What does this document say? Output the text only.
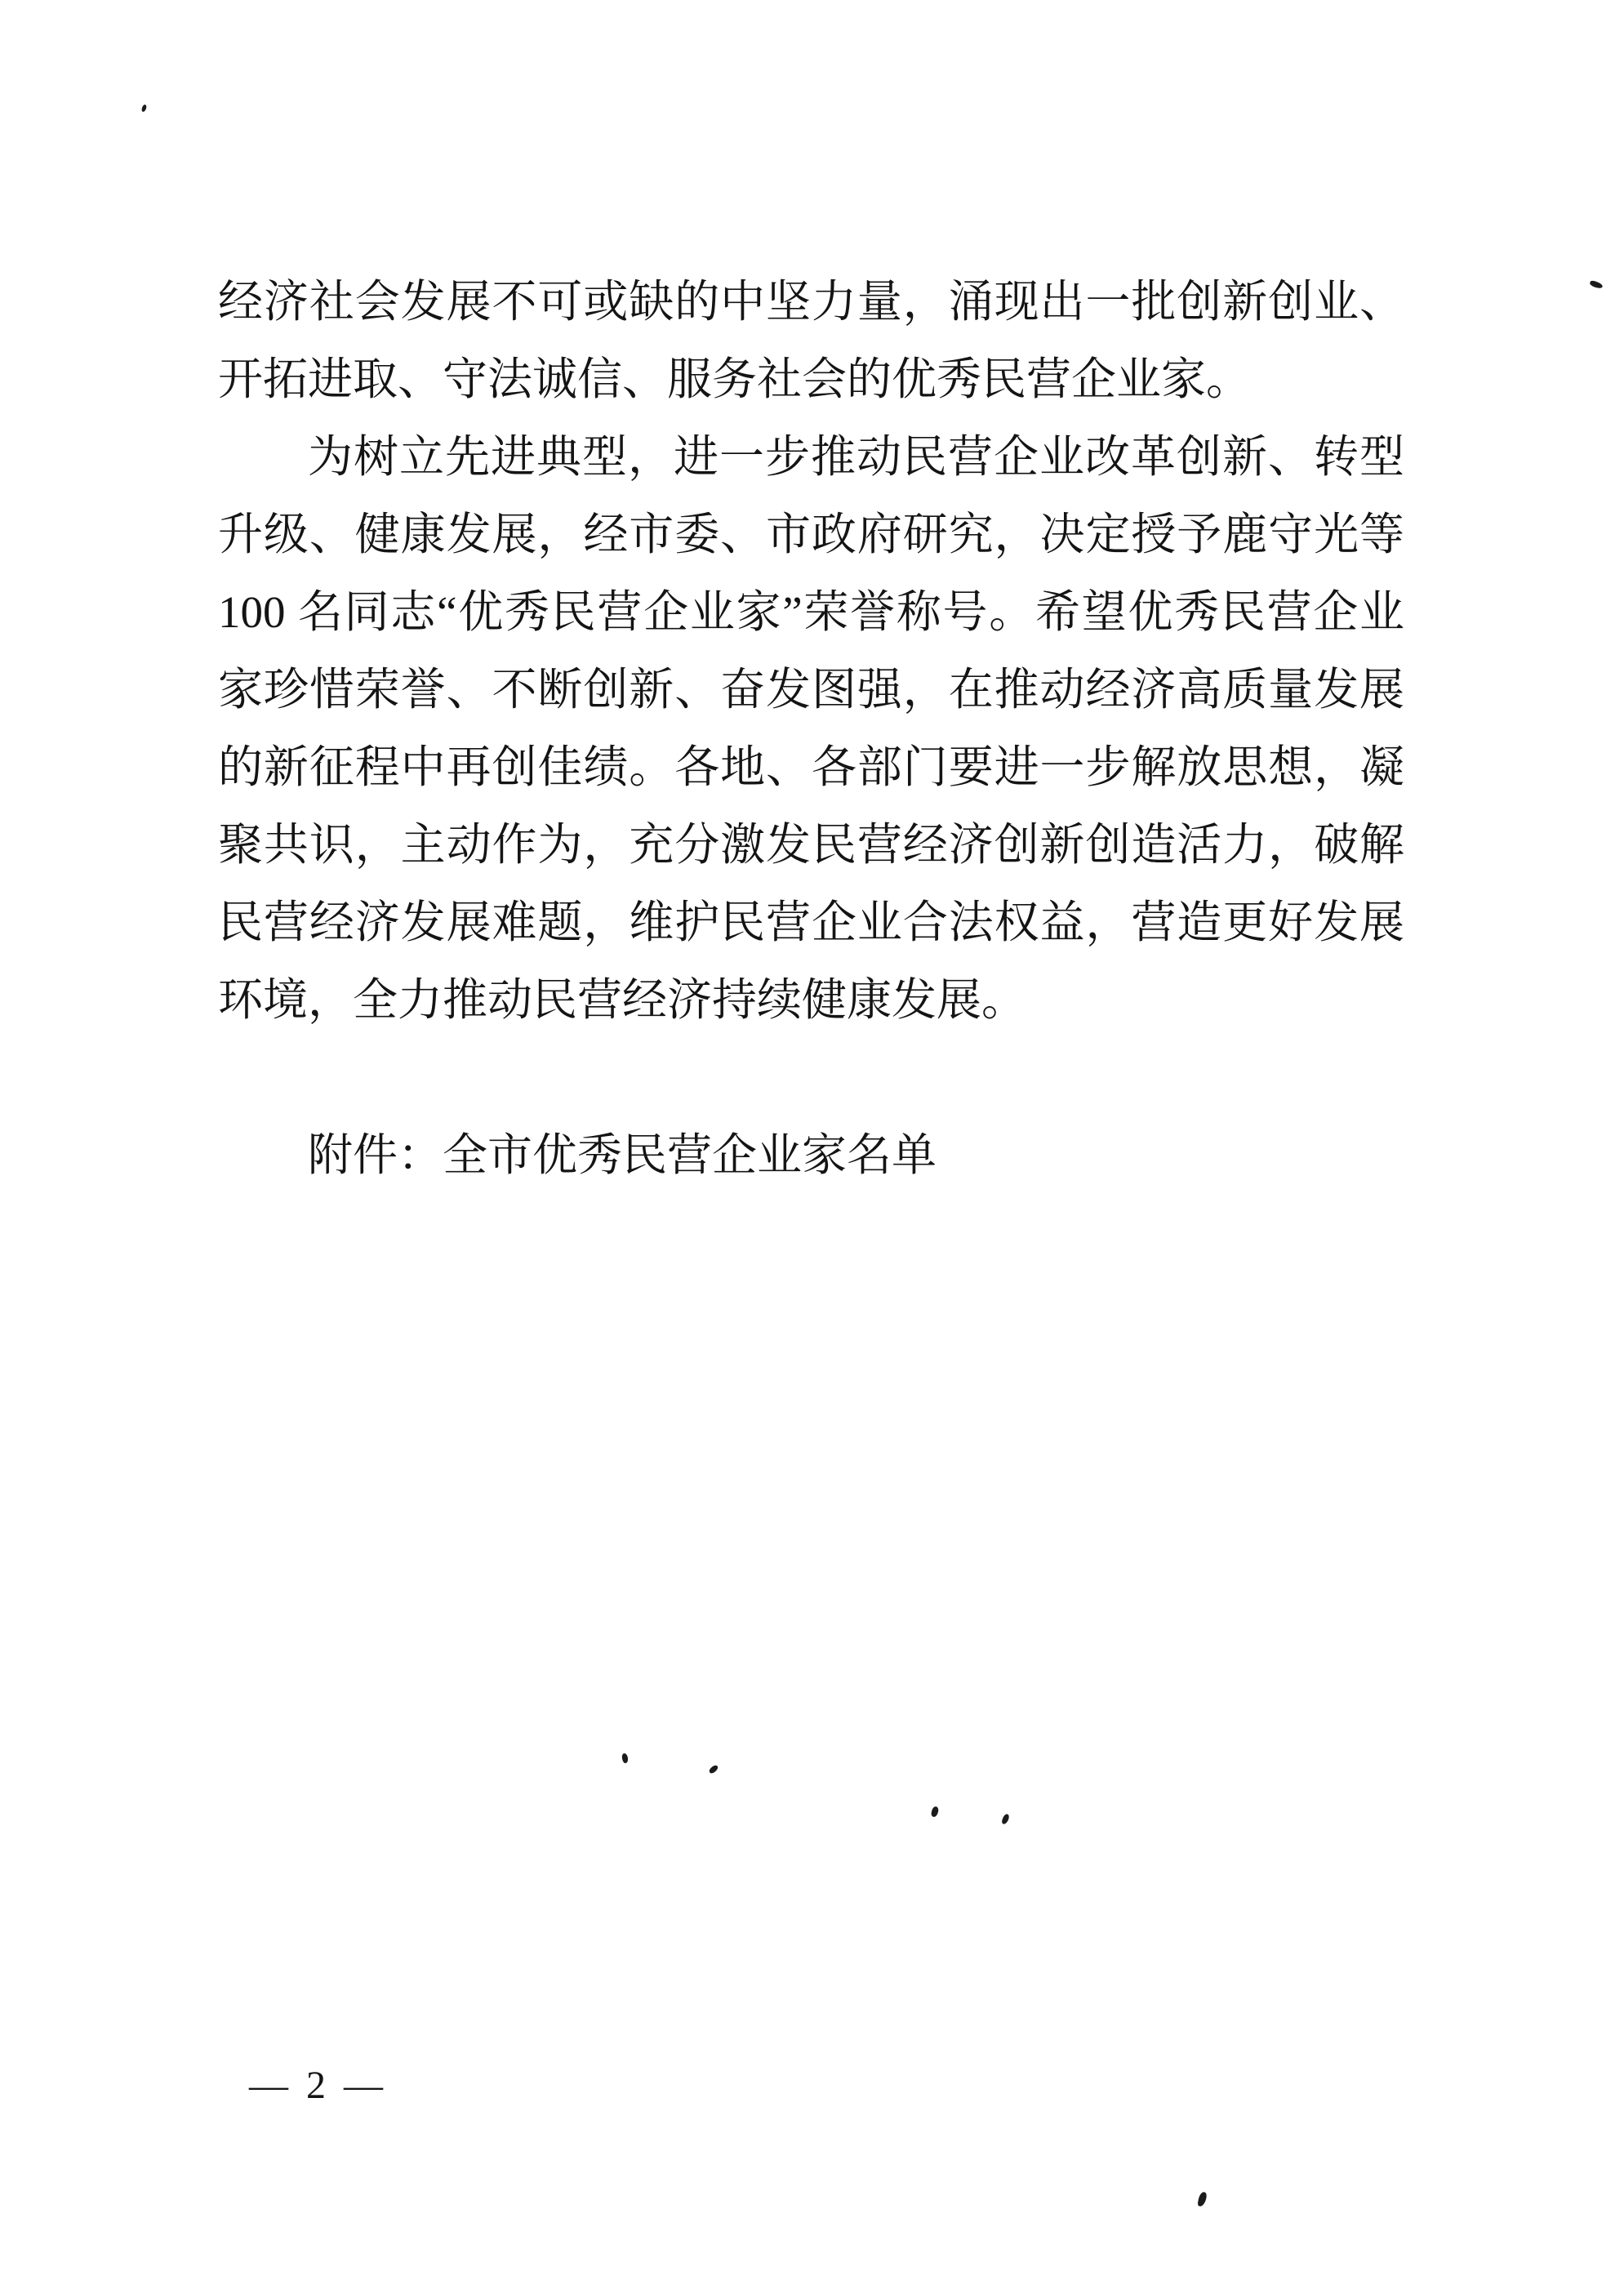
经济社会发展不可或缺的中坚力量，涌现出一批创新创业、
开拓进取、守法诚信、服务社会的优秀民营企业家。
为树立先进典型，进一步推动民营企业改革创新、转型
升级、健康发展，经市委、市政府研究，决定授予鹿守光等
100 名同志“优秀民营企业家”荣誉称号。希望优秀民营企业
家珍惜荣誉、不断创新、奋发图强，在推动经济高质量发展
的新征程中再创佳绩。各地、各部门要进一步解放思想，凝
聚共识，主动作为，充分激发民营经济创新创造活力，破解
民营经济发展难题，维护民营企业合法权益，营造更好发展
环境，全力推动民营经济持续健康发展。
附件：全市优秀民营企业家名单
— 2 —
